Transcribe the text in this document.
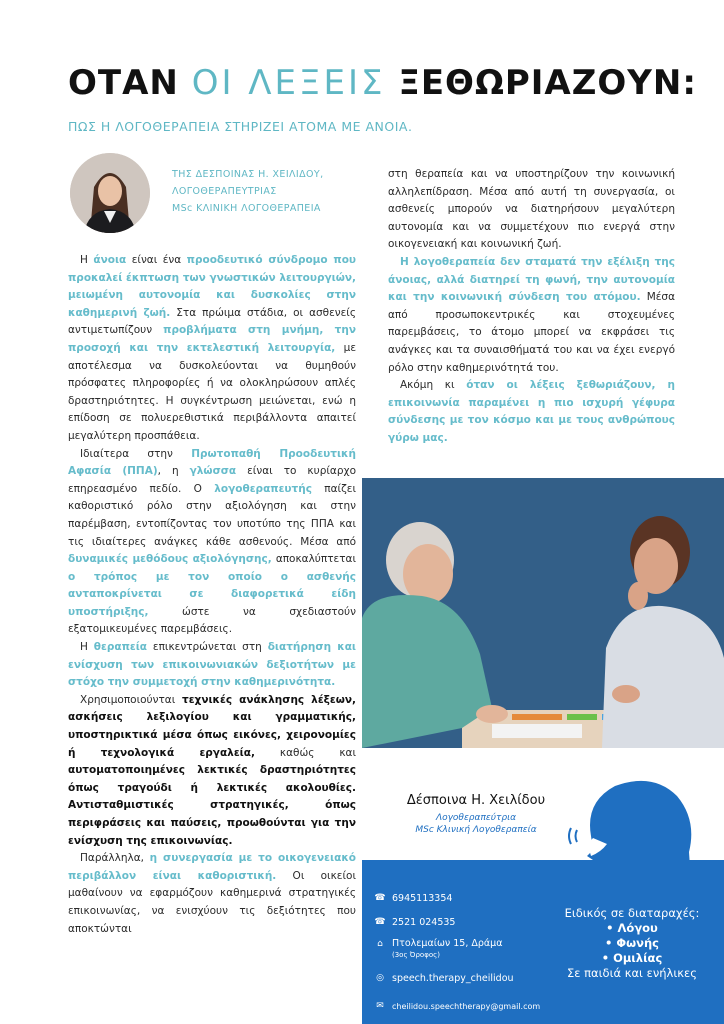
ΟΤΑΝ ΟΙ ΛΕΞΕΙΣ ΞΕΘΩΡΙΑΖΟΥΝ:
ΠΩΣ Η ΛΟΓΟΘΕΡΑΠΕΙΑ ΣΤΗΡΙΖΕΙ ΑΤΟΜΑ ΜΕ ΑΝΟΙΑ.
ΤΗΣ ΔΕΣΠΟΙΝΑΣ Η. ΧΕΙΛΙΔΟΥ,
ΛΟΓΟΘΕΡΑΠΕΥΤΡΙΑΣ
MSc ΚΛΙΝΙΚΗ ΛΟΓΟΘΕΡΑΠΕΙΑ

Η άνοια είναι ένα προοδευτικό σύνδρομο που προκαλεί έκπτωση των γνωστικών λειτουργιών, μειωμένη αυτονομία και δυσκολίες στην καθημερινή ζωή. Στα πρώιμα στάδια, οι ασθενείς αντιμετωπίζουν προβλήματα στη μνήμη, την προσοχή και την εκτελεστική λειτουργία, με αποτέλεσμα να δυσκολεύονται να θυμηθούν πρόσφατες πληροφορίες ή να ολοκληρώσουν απλές δραστηριότητες. Η συγκέντρωση μειώνεται, ενώ η επίδοση σε πολυερεθιστικά περιβάλλοντα απαιτεί μεγαλύτερη προσπάθεια.

Ιδιαίτερα στην Πρωτοπαθή Προοδευτική Αφασία (ΠΠΑ), η γλώσσα είναι το κυρίαρχο επηρεασμένο πεδίο. Ο λογοθεραπευτής παίζει καθοριστικό ρόλο στην αξιολόγηση και στην παρέμβαση, εντοπίζοντας τον υποτύπο της ΠΠΑ και τις ιδιαίτερες ανάγκες κάθε ασθενούς. Μέσα από δυναμικές μεθόδους αξιολόγησης, αποκαλύπτεται ο τρόπος με τον οποίο ο ασθενής ανταποκρίνεται σε διαφορετικά είδη υποστήριξης, ώστε να σχεδιαστούν εξατομικευμένες παρεμβάσεις.

Η θεραπεία επικεντρώνεται στη διατήρηση και ενίσχυση των επικοινωνιακών δεξιοτήτων με στόχο την συμμετοχή στην καθημερινότητα.

Χρησιμοποιούνται τεχνικές ανάκλησης λέξεων, ασκήσεις λεξιλογίου και γραμματικής, υποστηρικτικά μέσα όπως εικόνες, χειρονομίες ή τεχνολογικά εργαλεία, καθώς και αυτοματοποιημένες λεκτικές δραστηριότητες όπως τραγούδι ή λεκτικές ακολουθίες. Αντισταθμιστικές στρατηγικές, όπως περιφράσεις και παύσεις, προωθούνται για την ενίσχυση της επικοινωνίας.

Παράλληλα, η συνεργασία με το οικογενειακό περιβάλλον είναι καθοριστική. Οι οικείοι μαθαίνουν να εφαρμόζουν καθημερινά στρατηγικές επικοινωνίας, να ενισχύουν τις δεξιότητες που αποκτώνται

στη θεραπεία και να υποστηρίζουν την κοινωνική αλληλεπίδραση. Μέσα από αυτή τη συνεργασία, οι ασθενείς μπορούν να διατηρήσουν μεγαλύτερη αυτονομία και να συμμετέχουν πιο ενεργά στην οικογενειακή και κοινωνική ζωή.

Η λογοθεραπεία δεν σταματά την εξέλιξη της άνοιας, αλλά διατηρεί τη φωνή, την αυτονομία και την κοινωνική σύνδεση του ατόμου. Μέσα από προσωποκεντρικές και στοχευμένες παρεμβάσεις, το άτομο μπορεί να εκφράσει τις ανάγκες και τα συναισθήματά του και να έχει ενεργό ρόλο στην καθημερινότητά του.

Ακόμη κι όταν οι λέξεις ξεθωριάζουν, η επικοινωνία παραμένει η πιο ισχυρή γέφυρα σύνδεσης με τον κόσμο και με τους ανθρώπους γύρω μας.

Δέσποινα Η. Χειλίδου
Λογοθεραπεύτρια
MSc Κλινική Λογοθεραπεία
☎ 6945113354
☎ 2521 024535
⌂ Πτολεμαίων 15, Δράμα
(3ος Όροφος)
◎ speech.therapy_cheilidou
✉ cheilidou.speechtherapy@gmail.com
Ειδικός σε διαταραχές:
• Λόγου
• Φωνής
• Ομιλίας
Σε παιδιά και ενήλικες
